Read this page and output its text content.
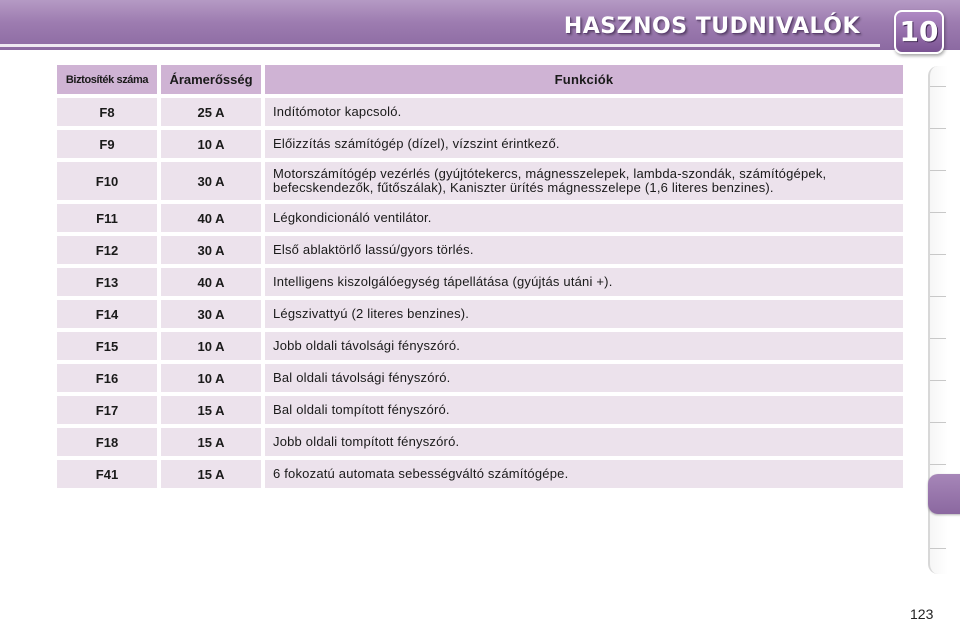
HASZNOS TUDNIVALÓK 10
Biztosíték száma	Áramerősség	Funkciók
F8	25 A	Indítómotor kapcsoló.
F9	10 A	Előizzítás számítógép (dízel), vízszint érintkező.
F10	30 A	Motorszámítógép vezérlés (gyújtótekercs, mágnesszelepek, lambda-szondák, számítógépek, befecskendezők, fűtőszálak), Kaniszter ürítés mágnesszelepe (1,6 literes benzines).
F11	40 A	Légkondicionáló ventilátor.
F12	30 A	Első ablaktörlő lassú/gyors törlés.
F13	40 A	Intelligens kiszolgálóegység tápellátása (gyújtás utáni +).
F14	30 A	Légszivattyú (2 literes benzines).
F15	10 A	Jobb oldali távolsági fényszóró.
F16	10 A	Bal oldali távolsági fényszóró.
F17	15 A	Bal oldali tompított fényszóró.
F18	15 A	Jobb oldali tompított fényszóró.
F41	15 A	6 fokozatú automata sebességváltó számítógépe.
123
